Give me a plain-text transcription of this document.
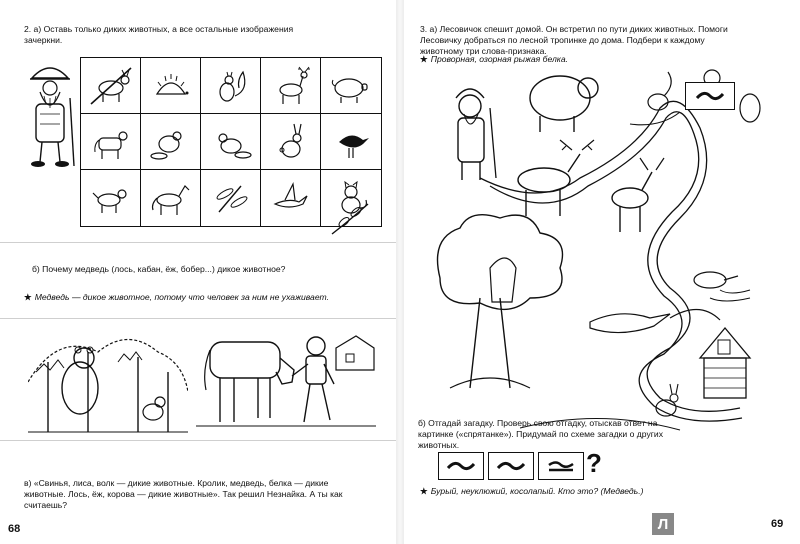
2. а) Оставь только диких животных, а все остальные изображения зачеркни.
б) Почему медведь (лось, кабан, ёж, бобер...) дикое животное?
★ Медведь — дикое животное, потому что человек за ним не ухаживает.
в) «Свинья, лиса, волк — дикие животные. Кролик, медведь, белка — дикие животные. Лось, ёж, корова — дикие животные». Так решил Незнайка. А ты как считаешь?
68
3. а) Лесовичок спешит домой. Он встретил по пути диких животных. Помоги Лесовичку добраться по лесной тропинке до дома. Подбери к каждому животному три слова-признака.
★ Проворная, озорная рыжая белка.
б) Отгадай загадку. Проверь свою отгадку, отыскав ответ на картинке («спрятанке»). Придумай по схеме загадки о других животных.
?
★ Бурый, неуклюжий, косолапый. Кто это? (Медведь.)
Л	69
